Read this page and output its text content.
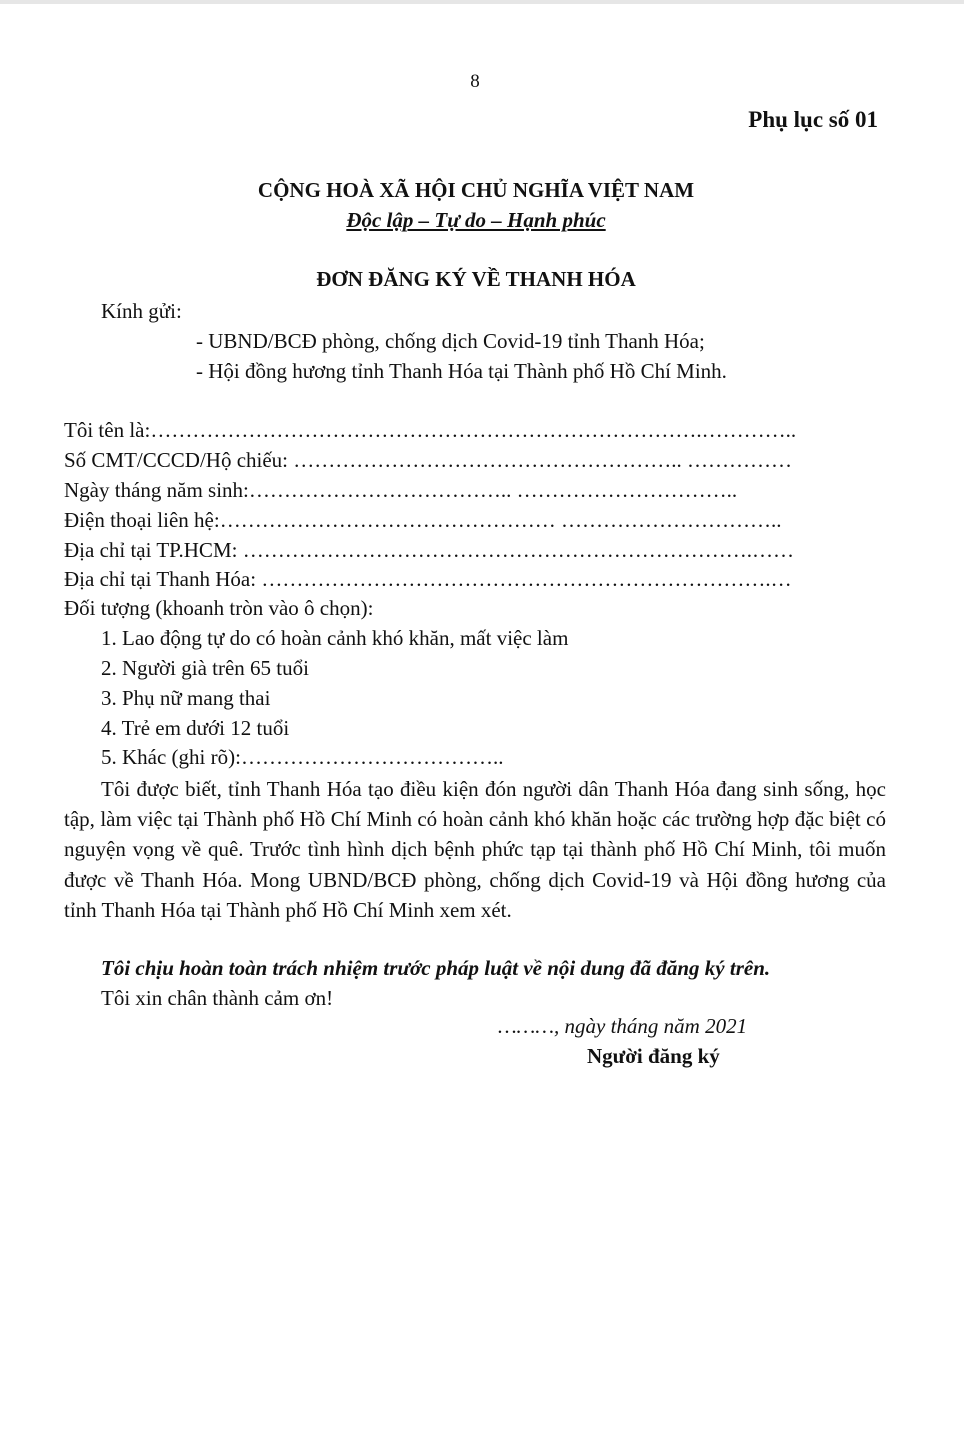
8
Phụ lục số 01
CỘNG HOÀ XÃ HỘI CHỦ NGHĨA VIỆT NAM
Độc lập – Tự do – Hạnh phúc
ĐƠN ĐĂNG KÝ VỀ THANH HÓA
Kính gửi:
- UBND/BCĐ phòng, chống dịch Covid-19 tỉnh Thanh Hóa;
- Hội đồng hương tỉnh Thanh Hóa tại Thành phố Hồ Chí Minh.
Tôi tên là:…………………………………………………………………….…………..
Số CMT/CCCD/Hộ chiếu: ……………………………………………….. ……………
Ngày tháng năm sinh:……………………………….. …………………………..
Điện thoại liên hệ:………………………………………… …………………………..
Địa chỉ tại TP.HCM: ……………………………………………………………….……
Địa chỉ tại Thanh Hóa: ……………………………………………………………….…
Đối tượng (khoanh tròn vào ô chọn):
1. Lao động tự do có hoàn cảnh khó khăn, mất việc làm
2. Người già trên 65 tuổi
3. Phụ nữ mang thai
4. Trẻ em dưới 12 tuổi
5. Khác (ghi rõ):………………………………..

Tôi được biết, tỉnh Thanh Hóa tạo điều kiện đón người dân Thanh Hóa đang sinh sống, học tập, làm việc tại Thành phố Hồ Chí Minh có hoàn cảnh khó khăn hoặc các trường hợp đặc biệt có nguyện vọng về quê. Trước tình hình dịch bệnh phức tạp tại thành phố Hồ Chí Minh, tôi muốn được về Thanh Hóa. Mong UBND/BCĐ phòng, chống dịch Covid-19 và Hội đồng hương của tỉnh Thanh Hóa tại Thành phố Hồ Chí Minh xem xét.

Tôi chịu hoàn toàn trách nhiệm trước pháp luật về nội dung đã đăng ký trên.
Tôi xin chân thành cảm ơn!
………, ngày tháng năm 2021
Người đăng ký
